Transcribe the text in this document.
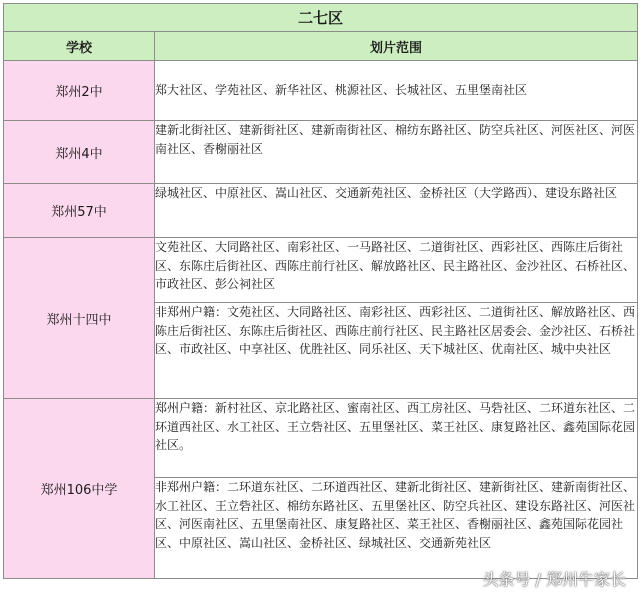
二七区	
学校	划片范围
郑州2中	郑大社区、学苑社区、新华社区、桃源社区、长城社区、五里堡南社区
郑州4中	建新北街社区、建新街社区、建新南街社区、棉纺东路社区、防空兵社区、河医社区、河医南社区、香榭丽社区
郑州57中	绿城社区、中原社区、嵩山社区、交通新苑社区、金桥社区（大学路西）、建设东路社区
郑州十四中	文苑社区、大同路社区、南彩社区、一马路社区、二道街社区、西彩社区、西陈庄后街社区、东陈庄后街社区、西陈庄前行社区、解放路社区、民主路社区、金沙社区、石桥社区、市政社区、彭公祠社区
	非郑州户籍：文苑社区、大同路社区、南彩社区、西彩社区、二道街社区、解放路社区、西陈庄后街社区、东陈庄后街社区、西陈庄前行社区、民主路社区居委会、金沙社区、石桥社区、市政社区、中享社区、优胜社区、同乐社区、天下城社区、优南社区、城中央社区
郑州106中学	郑州户籍：新村社区、京北路社区、蜜南社区、西工房社区、马砦社区、二环道东社区、二环道西社区、水工社区、王立砦社区、五里堡社区、菜王社区、康复路社区、鑫苑国际花园社区。
	非郑州户籍：二环道东社区、二环道西社区、建新北街社区、建新街社区、建新南街社区、水工社区、王立砦社区、棉纺东路社区、五里堡社区、防空兵社区、建设东路社区、河医社区、河医南社区、五里堡南社区、康复路社区、菜王社区、香榭丽社区、鑫苑国际花园社区、中原社区、嵩山社区、金桥社区、绿城社区、交通新苑社区
头条号 / 郑州牛家长
